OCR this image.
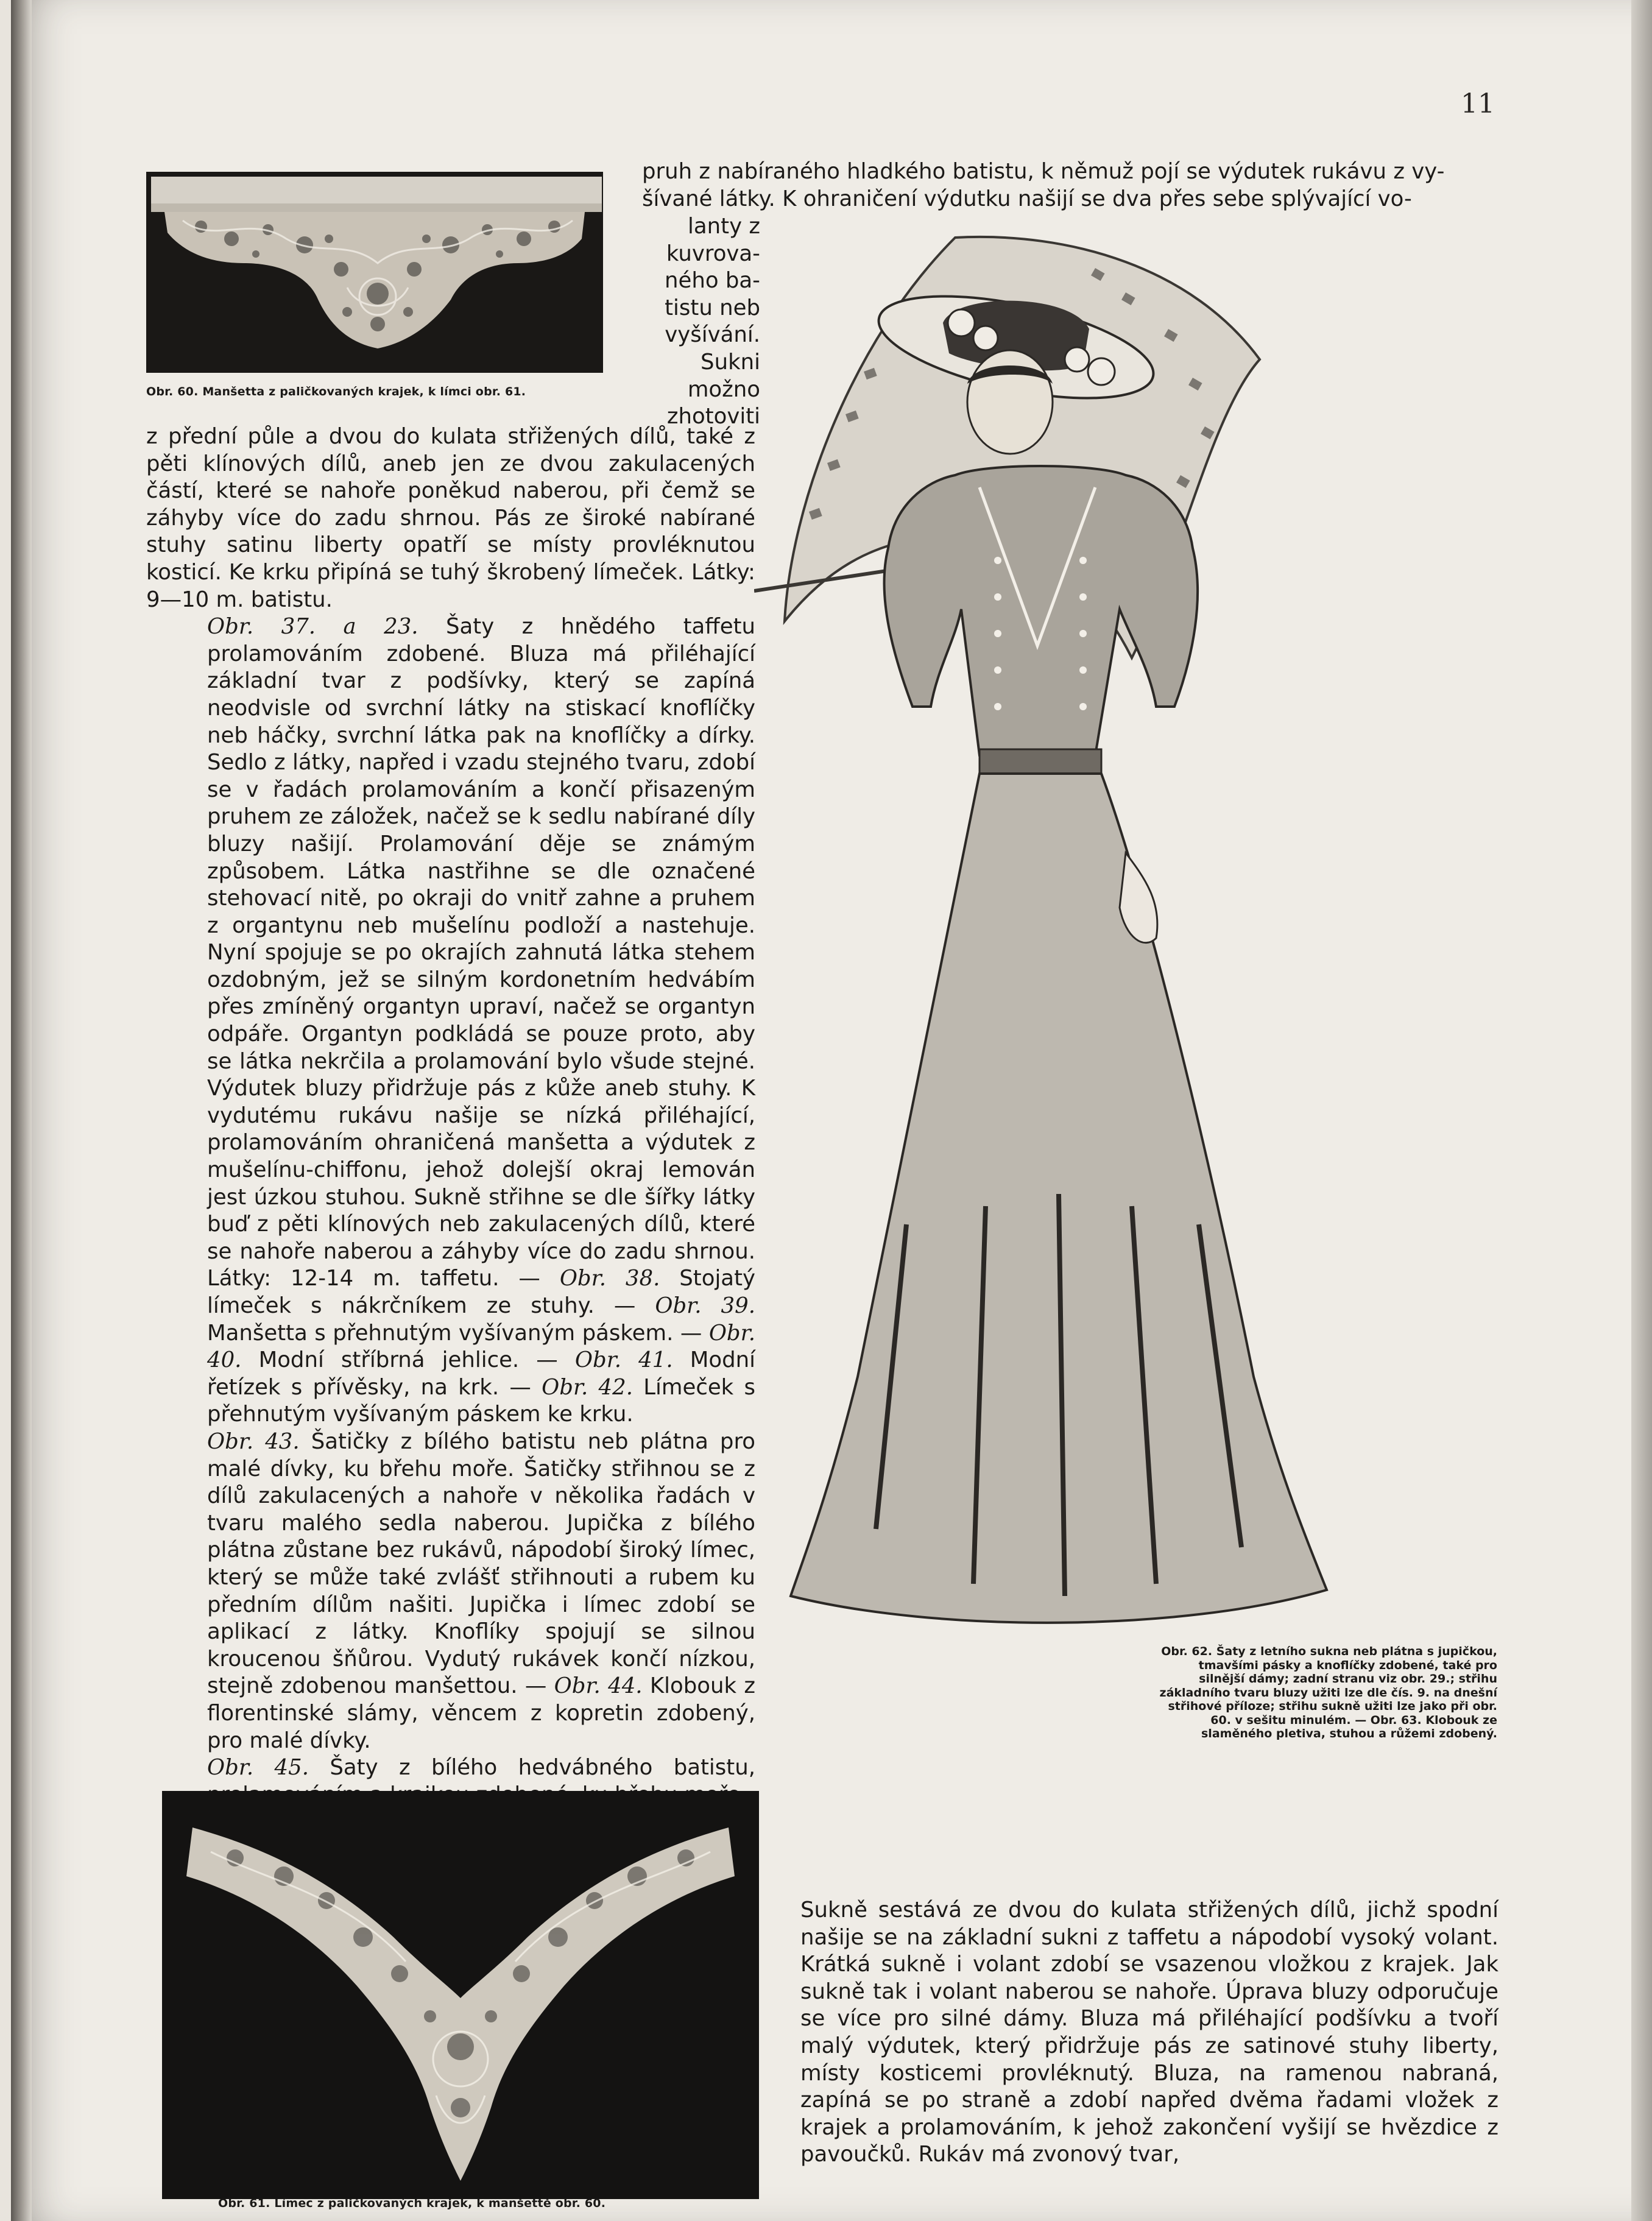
11
Obr. 60. Manšetta z paličkovaných krajek, k límci obr. 61.

pruh z nabíraného hladkého batistu, k němuž pojí se výdutek rukávu z vy-

šívané látky. K ohraničení výdutku našijí se dva přes sebe splývající vo-

lanty z
kuvrova-
ného ba-
tistu neb
vyšívání.
Sukni
možno
zhotoviti

z přední půle a dvou do kulata střižených dílů, také z pěti klínových dílů, aneb jen ze dvou zakulacených částí, které se nahoře poněkud naberou, při čemž se záhyby více do zadu shrnou. Pás ze široké nabírané stuhy satinu liberty opatří se místy provléknutou kosticí. Ke krku připíná se tuhý škrobený límeček. Látky: 9—10 m. batistu.

Obr. 37. a 23. Šaty z hnědého taffetu prolamováním zdobené. Bluza má přiléhající základní tvar z podšívky, který se zapíná neodvisle od svrchní látky na stiskací knoflíčky neb háčky, svrchní látka pak na knoflíčky a dírky. Sedlo z látky, napřed i vzadu stejného tvaru, zdobí se v řadách prolamováním a končí přisazeným pruhem ze záložek, načež se k sedlu nabírané díly bluzy našijí. Prolamování děje se známým způsobem. Látka nastřihne se dle označené stehovací nitě, po okraji do vnitř zahne a pruhem z organtynu neb mušelínu podloží a nastehuje. Nyní spojuje se po okrajích zahnutá látka stehem ozdobným, jež se silným kordonetním hedvábím přes zmíněný organtyn upraví, načež se organtyn odpáře. Organtyn podkládá se pouze proto, aby se látka nekrčila a prolamování bylo všude stejné. Výdutek bluzy přidržuje pás z kůže aneb stuhy. K vydutému rukávu našije se nízká přiléhající, prolamováním ohraničená manšetta a výdutek z mušelínu-chiffonu, jehož dolejší okraj lemován jest úzkou stuhou. Sukně střihne se dle šířky látky buď z pěti klínových neb zakulacených dílů, které se nahoře naberou a záhyby více do zadu shrnou. Látky: 12-14 m. taffetu. — Obr. 38. Stojatý límeček s nákrčníkem ze stuhy. — Obr. 39. Manšetta s přehnutým vyšívaným páskem. — Obr. 40. Modní stříbrná jehlice. — Obr. 41. Modní řetízek s přívěsky, na krk. — Obr. 42. Límeček s přehnutým vyšívaným páskem ke krku.

Obr. 43. Šatičky z bílého batistu neb plátna pro malé dívky, ku břehu moře. Šatičky střihnou se z dílů zakulacených a nahoře v několika řadách v tvaru malého sedla naberou. Jupička z bílého plátna zůstane bez rukávů, nápodobí široký límec, který se může také zvlášť střihnouti a rubem ku předním dílům našiti. Jupička i límec zdobí se aplikací z látky. Knoflíky spojují se silnou kroucenou šňůrou. Vydutý rukávek končí nízkou, stejně zdobenou manšettou. — Obr. 44. Klobouk z florentinské slámy, věncem z kopretin zdobený, pro malé dívky.

Obr. 45. Šaty z bílého hedvábného batistu,

Obr. 62. Šaty z letního sukna neb plátna s jupičkou, tmavšími pásky a knoflíčky zdobené, také pro silnější dámy; zadní stranu viz obr. 29.; střihu základního tvaru bluzy užiti lze dle čís. 9. na dnešní střihové příloze; střihu sukně užiti lze jako při obr. 60. v sešitu minulém. — Obr. 63. Klobouk ze slaměného pletiva, stuhou a růžemi zdobený.
Obr. 61. Límec z paličkovaných krajek, k manšettě obr. 60.

Sukně sestává ze dvou do kulata střižených dílů, jichž spodní našije se na základní sukni z taffetu a nápodobí vysoký volant. Krátká sukně i volant zdobí se vsazenou vložkou z krajek. Jak sukně tak i volant naberou se nahoře. Úprava bluzy odporučuje se více pro silné dámy. Bluza má přiléhající podšívku a tvoří malý výdutek, který přidržuje pás ze satinové stuhy liberty, místy kosticemi provléknutý. Bluza, na ramenou nabraná, zapíná se po straně a zdobí napřed dvěma řadami vložek z krajek a prolamováním, k jehož zakončení vyšijí se hvězdice z pavoučků. Rukáv má zvonový tvar,
